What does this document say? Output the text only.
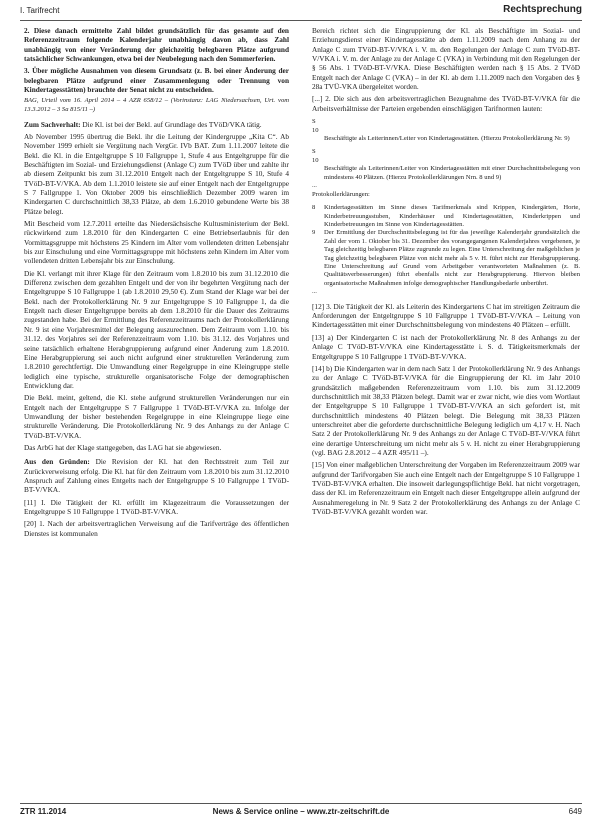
I. Tarifrecht	Rechtsprechung

2. Diese danach ermittelte Zahl bildet grundsätzlich für das gesamte auf den Referenzzeitraum folgende Kalenderjahr unabhängig davon ab, dass Zahl unabhängig von einer Veränderung der gleichzeitig belegbaren Plätze aufgrund tatsächlicher Schwankungen, etwa bei der Neubelegung nach den Sommerferien.

3. Über mögliche Ausnahmen von diesem Grundsatz (z. B. bei einer Änderung der belegbaren Plätze aufgrund einer Zusammenlegung oder Trennung von Kindertagesstätten) brauchte der Senat nicht zu entscheiden.

BAG, Urteil vom 16. April 2014 – 4 AZR 658/12 – (Vorinstanz: LAG Niedersachsen, Urt. vom 13.3.2012 – 3 Sa 815/11 –)

Zum Sachverhalt: Die Kl. ist bei der Bekl. auf Grundlage des TVöD/VKA tätig.

Ab November 1995 übertrug die Bekl. ihr die Leitung der Kindergruppe „Kita C“. Ab November 1999 erhielt sie Vergütung nach VergGr. IVb BAT. Zum 1.11.2007 leitete die Bekl. die Kl. in die Entgeltgruppe S 10 Fallgruppe 1, Stufe 4 aus Entgeltgruppe für die Beschäftigten im Sozial- und Erziehungsdienst (Anlage C) zum TVöD über und zahlte ihr ab diesem Zeitpunkt bis zum 31.12.2010 Entgelt nach der Entgeltgruppe S 10, Stufe 4 TVöD-BT-V/VKA. Ab dem 1.1.2010 leistete sie auf einer Entgelt nach der Entgeltgruppe S 7 Fallgruppe 1. Von Oktober 2009 bis einschließlich Dezember 2009 waren im Kindergarten C durchschnittlich 38,33 Plätze, ab dem 1.6.2010 gebundene Werte bis 38 Plätze belegt.

Mit Bescheid vom 12.7.2011 erteilte das Niedersächsische Kultusministerium der Bekl. rückwirkend zum 1.8.2010 für den Kindergarten C eine Betriebserlaubnis für den Vormittagsgruppe mit höchstens 25 Kindern im Alter vom vollendeten dritten Lebensjahr bis zur Einschulung und eine Vormittagsgruppe mit höchstens zehn Kindern im Alter vom vollendeten dritten Lebensjahr bis zur Einschulung.

Die Kl. verlangt mit ihrer Klage für den Zeitraum vom 1.8.2010 bis zum 31.12.2010 die Differenz zwischen dem gezahlten Entgelt und der von ihr begehrten Vergütung nach der Entgeltgruppe S 10 Fallgruppe 1 (ab 1.8.2010 29,50 €). Zum Stand der Klage war bei der Bekl. nach der Protokollerklärung Nr. 9 zur Entgeltgruppe S 10 Fallgruppe 1, da die Entgelt nach dieser Entgeltgruppe bereits ab dem 1.8.2010 für die Dauer des Zeitraums zugestanden habe. Bei der Ermittlung des Referenzzeitraums nach der Protokollerklärung Nr. 9 ist eine Vorjahresmittel der Belegung auszurechnen. Dem Zeitraum vom 1.10. bis 31.12. des Vorjahres sei der Referenzzeitraum vom 1.10. bis 31.12. des Vorjahres und seine tatsächlich erhaltene Herabgruppierung aufgrund einer Änderung zum 1.8.2010. Eine Herabgruppierung sei auch nicht aufgrund einer strukturellen Veränderung zum 1.8.2010 gerechtfertigt. Die Umwandlung einer Regelgruppe in eine Kleingruppe stelle lediglich eine typische, strukturelle organisatorische Folge der demographischen Entwicklung dar.

Die Bekl. meint, geltend, die Kl. stehe aufgrund strukturellen Veränderungen nur ein Entgelt nach der Entgeltgruppe S 7 Fallgruppe 1 TVöD-BT-V/VKA zu. Infolge der Umwandlung der bisher bestehenden Regelgruppe in eine Kleingruppe liege eine strukturelle Veränderung. Die Protokollerklärung Nr. 9 des Anhangs zu der Anlage C TVöD-BT-V/VKA.

Das ArbG hat der Klage stattgegeben, das LAG hat sie abgewiesen.

Aus den Gründen: Die Revision der Kl. hat den Rechtsstreit zum Teil zur Zurückverweisung erfolg. Die Kl. hat für den Zeitraum vom 1.8.2010 bis zum 31.12.2010 Anspruch auf Zahlung eines Entgelts nach der Entgeltgruppe S 10 Fallgruppe 1 TVöD-BT-V/VKA.

[11] I. Die Tätigkeit der Kl. erfüllt im Klagezeitraum die Voraussetzungen der Entgeltgruppe S 10 Fallgruppe 1 TVöD-BT-V/VKA.

[20] 1. Nach der arbeitsvertraglichen Verweisung auf die Tarifverträge des öffentlichen Dienstes ist kommunalen

Bereich richtet sich die Eingruppierung der Kl. als Beschäftigte im Sozial- und Erziehungsdienst einer Kindertagesstätte ab dem 1.11.2009 nach dem Anhang zu der Anlage C zum TVöD-BT-V/VKA i. V. m. den Regelungen der Anlage C zum TVöD-BT-V/VKA i. V. m. der Anlage zu der Anlage C (VKA) in Verbindung mit den Regelungen der § 56 Abs. 1 TVöD-BT-V/VKA. Diese Beschäftigten werden nach § 15 Abs. 2 TVöD Entgelt nach der Anlage C (VKA) – in der Kl. ab dem 1.11.2009 nach den Vorgaben des § 28a TVÜ-VKA übergeleitet worden.

[...] 2. Die sich aus den arbeitsvertraglichen Bezugnahme des TVöD-BT-V/VKA für die Arbeitsverhältnisse der Parteien ergebenden einschlägigen Tarifnormen lauten:

S 10
Beschäftigte als Leiterinnen/Leiter von Kindertagesstätten. (Hierzu Protokollerklärung Nr. 9)
S 10
Beschäftigte als Leiterinnen/Leiter von Kindertagesstätten mit einer Durchschnittsbelegung von mindestens 40 Plätzen. (Hierzu Protokollerklärungen Nrn. 8 und 9)

...

Protokollerklärungen:

8	Kindertagesstätten im Sinne dieses Tarifmerkmals sind Krippen, Kindergärten, Horte, Kinderbetreuungsstuben, Kinderhäuser und Kindertagesstätten, Kinderkrippen und Kinderbetreuungen im Sinne von Kindertagesstätten.
9	Der Ermittlung der Durchschnittsbelegung ist für das jeweilige Kalenderjahr grundsätzlich die Zahl der vom 1. Oktober bis 31. Dezember des vorangegangenen Kalenderjahres vergebenen, je Tag gleichzeitig belegbaren Plätze zugrunde zu legen. Eine Unterschreitung der maßgeblichen je Tag gleichzeitig belegbaren Plätze von nicht mehr als 5 v. H. führt nicht zur Herabgruppierung. Eine Unterschreitung auf Grund vom Arbeitgeber verantworteten Maßnahmen (z. B. Qualitätsverbesserungen) führt ebenfalls nicht zur Herabgruppierung. Hiervon bleiben organisatorische Maßnahmen infolge demographischer Handlungsbedarfe unberührt.

...

[12] 3. Die Tätigkeit der Kl. als Leiterin des Kindergartens C hat im streitigen Zeitraum die Anforderungen der Entgeltgruppe S 10 Fallgruppe 1 TVöD-BT-V/VKA – Leitung von Kindertagesstätten mit einer Durchschnittsbelegung von mindestens 40 Plätzen – erfüllt.

[13] a) Der Kindergarten C ist nach der Protokollerklärung Nr. 8 des Anhangs zu der Anlage C TVöD-BT-V/VKA eine Kindertagesstätte i. S. d. Tätigkeitsmerkmals der Entgeltgruppe S 10 Fallgruppe 1 TVöD-BT-V/VKA.

[14] b) Die Kindergarten war in dem nach Satz 1 der Protokollerklärung Nr. 9 des Anhangs zu der Anlage C TVöD-BT-V/VKA für die Eingruppierung der Kl. im Jahr 2010 grundsätzlich maßgebenden Referenzzeitraum vom 1.10. bis zum 31.12.2009 durchschnittlich mit 38,33 Plätzen belegt. Damit war er zwar nicht, wie dies vom Wortlaut der Entgeltgruppe S 10 Fallgruppe 1 TVöD-BT-V/VKA an sich gefordert ist, mit durchschnittlich mindestens 40 Plätzen belegt. Die Belegung mit 38,33 Plätzen unterschreitet aber die geforderte durchschnittliche Belegung lediglich um 4,17 v. H. Nach Satz 2 der Protokollerklärung Nr. 9 des Anhangs zu der Anlage C TVöD-BT-V/VKA führt eine derartige Unterschreitung um nicht mehr als 5 v. H. nicht zu einer Herabgruppierung (vgl. BAG 2.8.2012 – 4 AZR 495/11 –).

[15] Von einer maßgeblichen Unterschreitung der Vorgaben im Referenzzeitraum 2009 war aufgrund der Tarifvorgaben Sie auch eine Entgelt nach der Entgeltgruppe S 10 Fallgruppe 1 TVöD-BT-V/VKA erhalten. Die insoweit darlegungspflichtige Bekl. hat nicht vorgetragen, dass der Kl. im Referenzzeitraum ein Entgelt nach dieser Entgeltgruppe allein aufgrund der Ausnahmeregelung in Nr. 9 Satz 2 der Protokollerklärung des Anhangs zu der Anlage C TVöD-BT-V/VKA gezahlt worden war.

ZTR 11.2014	News & Service online – www.ztr-zeitschrift.de	649
